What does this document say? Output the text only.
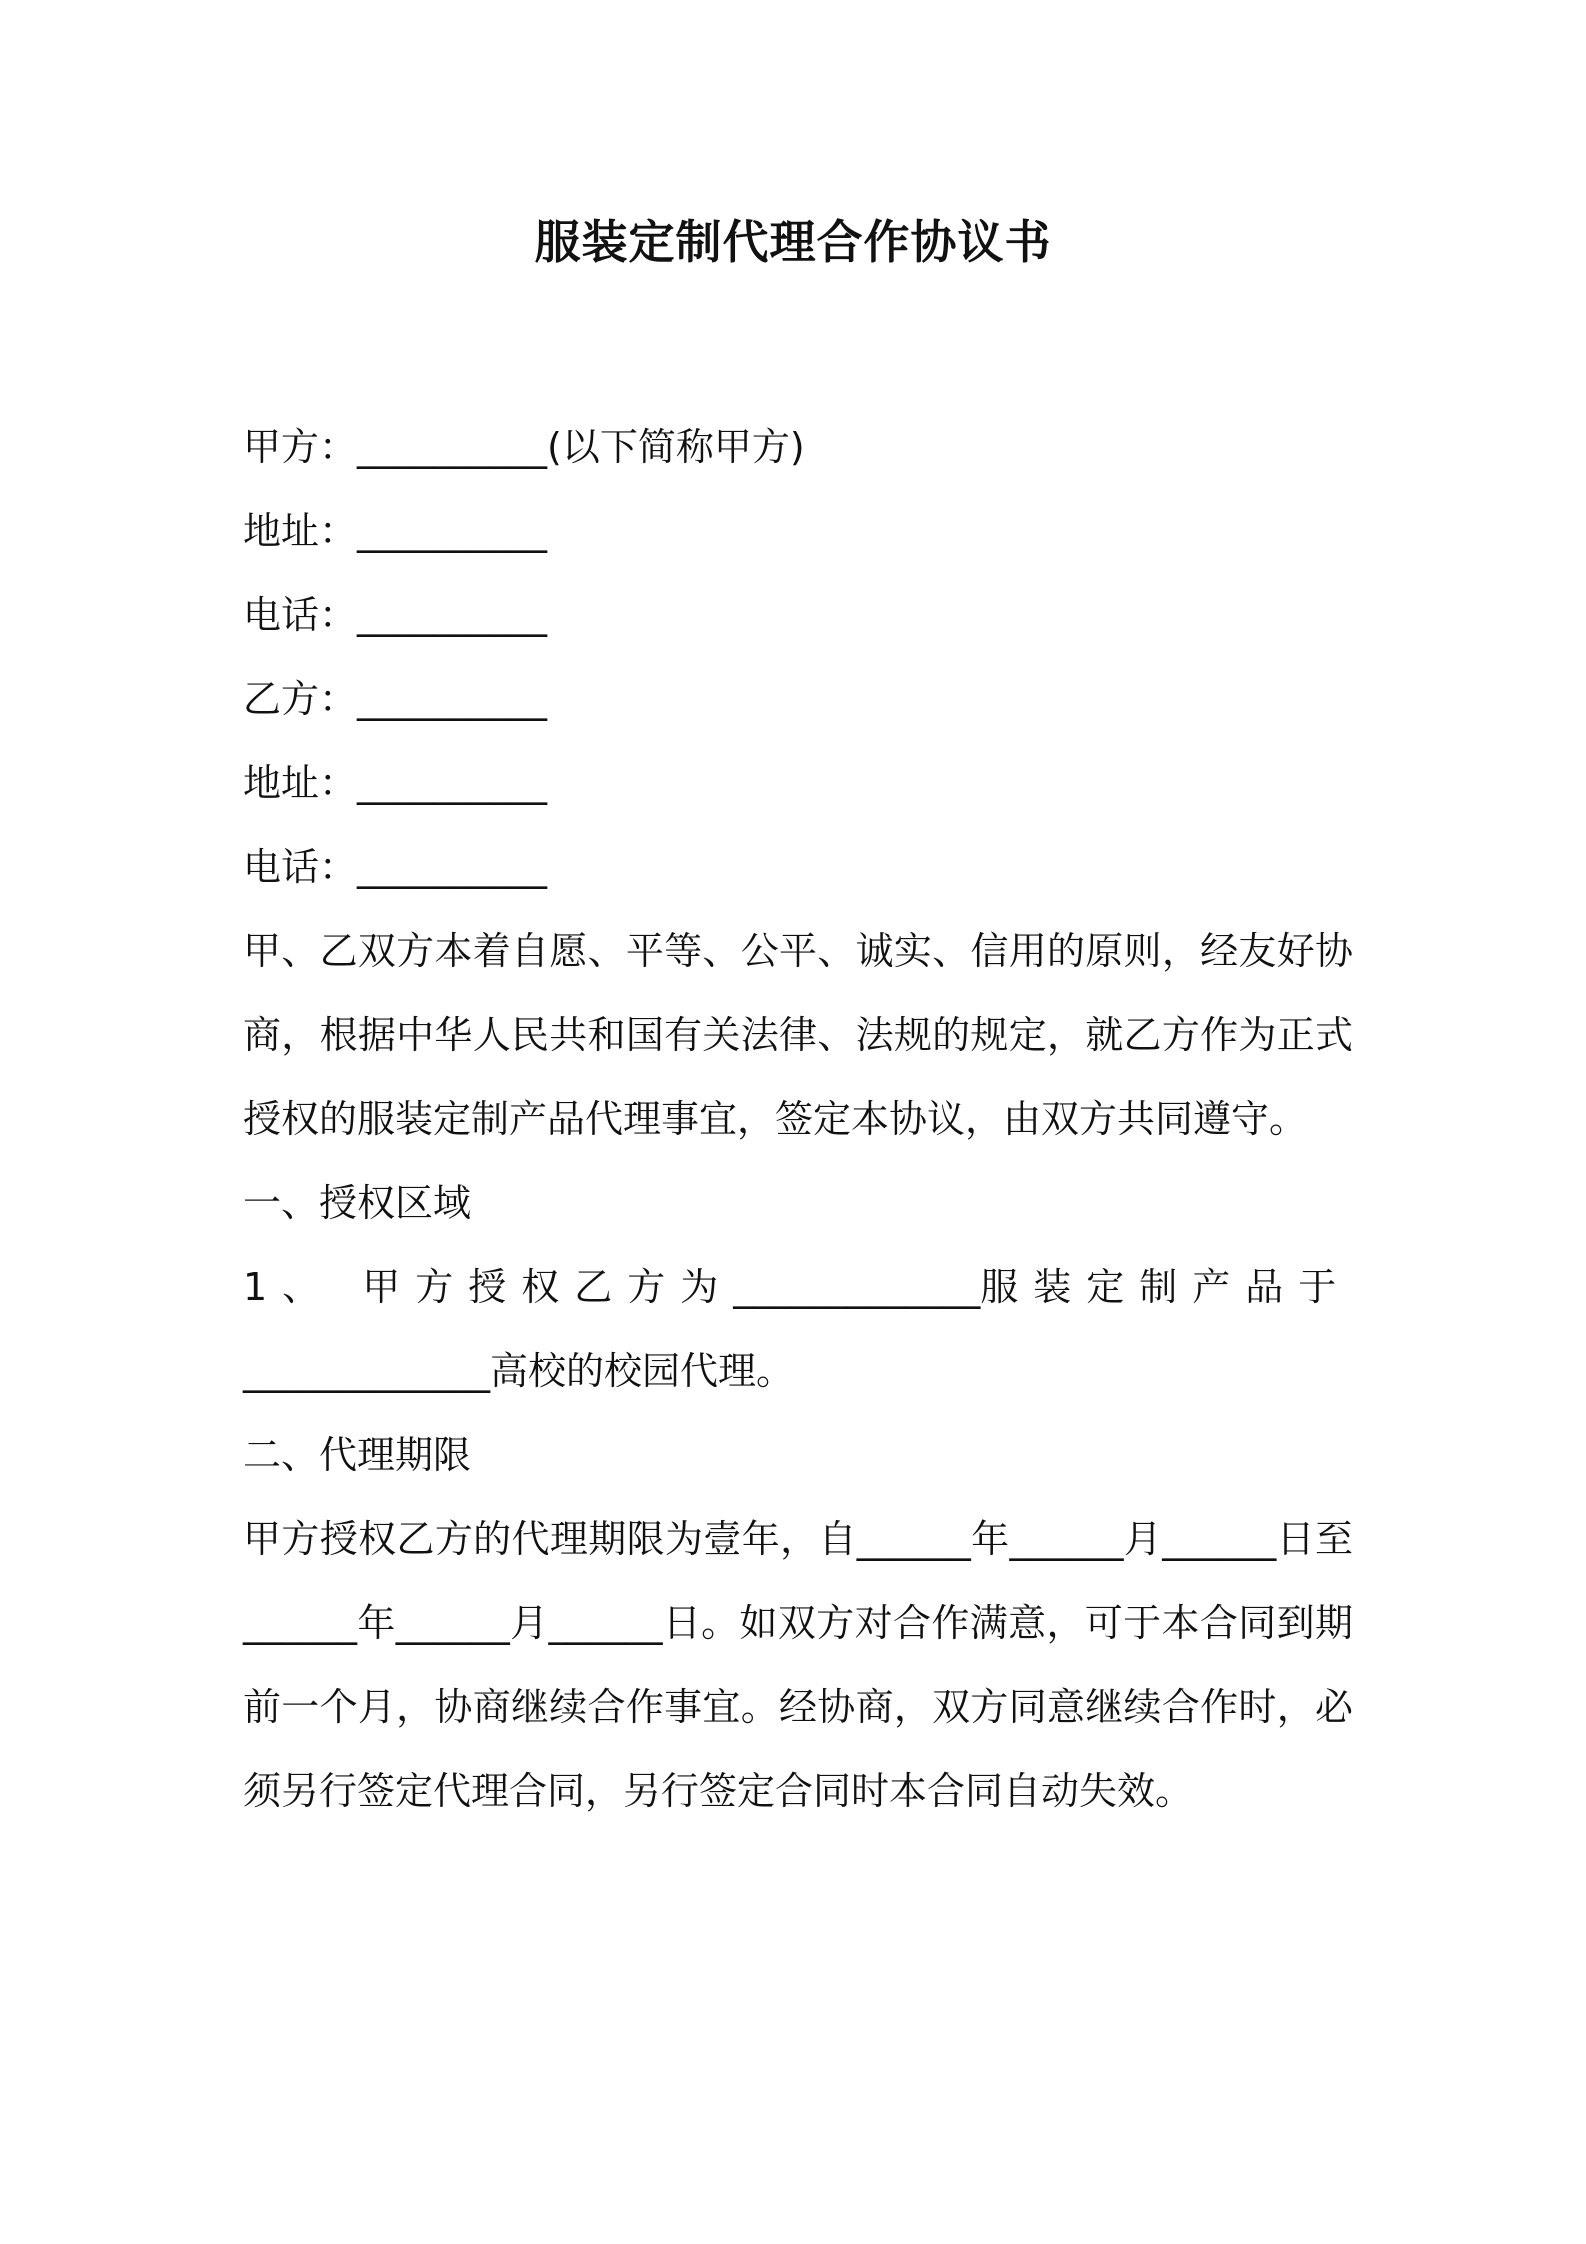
服装定制代理合作协议书
甲方：__________(以下简称甲方)
地址：__________
电话：__________
乙方：__________
地址：__________
电话：__________
甲、乙双方本着自愿、平等、公平、诚实、信用的原则，经友好协商，根据中华人民共和国有关法律、法规的规定，就乙方作为正式授权的服装定制产品代理事宜，签定本协议，由双方共同遵守。
一、授权区域
1、 甲方授权乙方为_____________服装定制产品于
_____________高校的校园代理。
二、代理期限
甲方授权乙方的代理期限为壹年，自______年______月______日至______年______月______日。如双方对合作满意，可于本合同到期前一个月，协商继续合作事宜。经协商，双方同意继续合作时，必须另行签定代理合同，另行签定合同时本合同自动失效。
